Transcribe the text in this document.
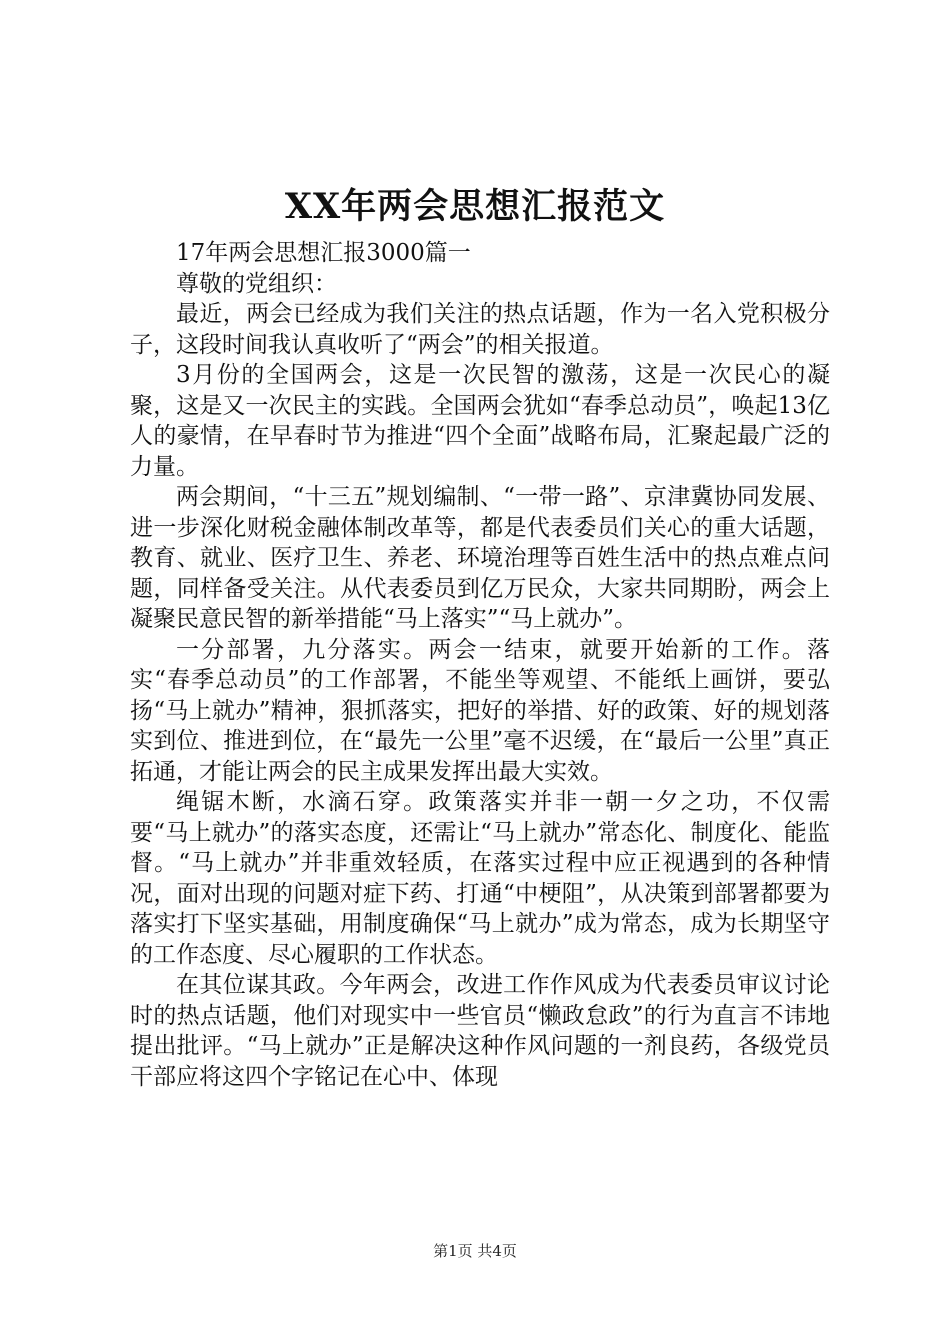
XX年两会思想汇报范文

17年两会思想汇报3000篇一

尊敬的党组织：

最近，两会已经成为我们关注的热点话题，作为一名入党积极分子，这段时间我认真收听了“两会”的相关报道。

3月份的全国两会，这是一次民智的激荡，这是一次民心的凝聚，这是又一次民主的实践。全国两会犹如“春季总动员”，唤起13亿人的豪情，在早春时节为推进“四个全面”战略布局，汇聚起最广泛的力量。

两会期间，“十三五”规划编制、“一带一路”、京津冀协同发展、进一步深化财税金融体制改革等，都是代表委员们关心的重大话题，教育、就业、医疗卫生、养老、环境治理等百姓生活中的热点难点问题，同样备受关注。从代表委员到亿万民众，大家共同期盼，两会上凝聚民意民智的新举措能“马上落实”“马上就办”。

一分部署，九分落实。两会一结束，就要开始新的工作。落实“春季总动员”的工作部署，不能坐等观望、不能纸上画饼，要弘扬“马上就办”精神，狠抓落实，把好的举措、好的政策、好的规划落实到位、推进到位，在“最先一公里”毫不迟缓，在“最后一公里”真正拓通，才能让两会的民主成果发挥出最大实效。

绳锯木断，水滴石穿。政策落实并非一朝一夕之功，不仅需要“马上就办”的落实态度，还需让“马上就办”常态化、制度化、能监督。“马上就办”并非重效轻质，在落实过程中应正视遇到的各种情况，面对出现的问题对症下药、打通“中梗阻”，从决策到部署都要为落实打下坚实基础，用制度确保“马上就办”成为常态，成为长期坚守的工作态度、尽心履职的工作状态。

在其位谋其政。今年两会，改进工作作风成为代表委员审议讨论时的热点话题，他们对现实中一些官员“懒政怠政”的行为直言不讳地提出批评。“马上就办”正是解决这种作风问题的一剂良药，各级党员干部应将这四个字铭记在心中、体现

第1页 共4页
